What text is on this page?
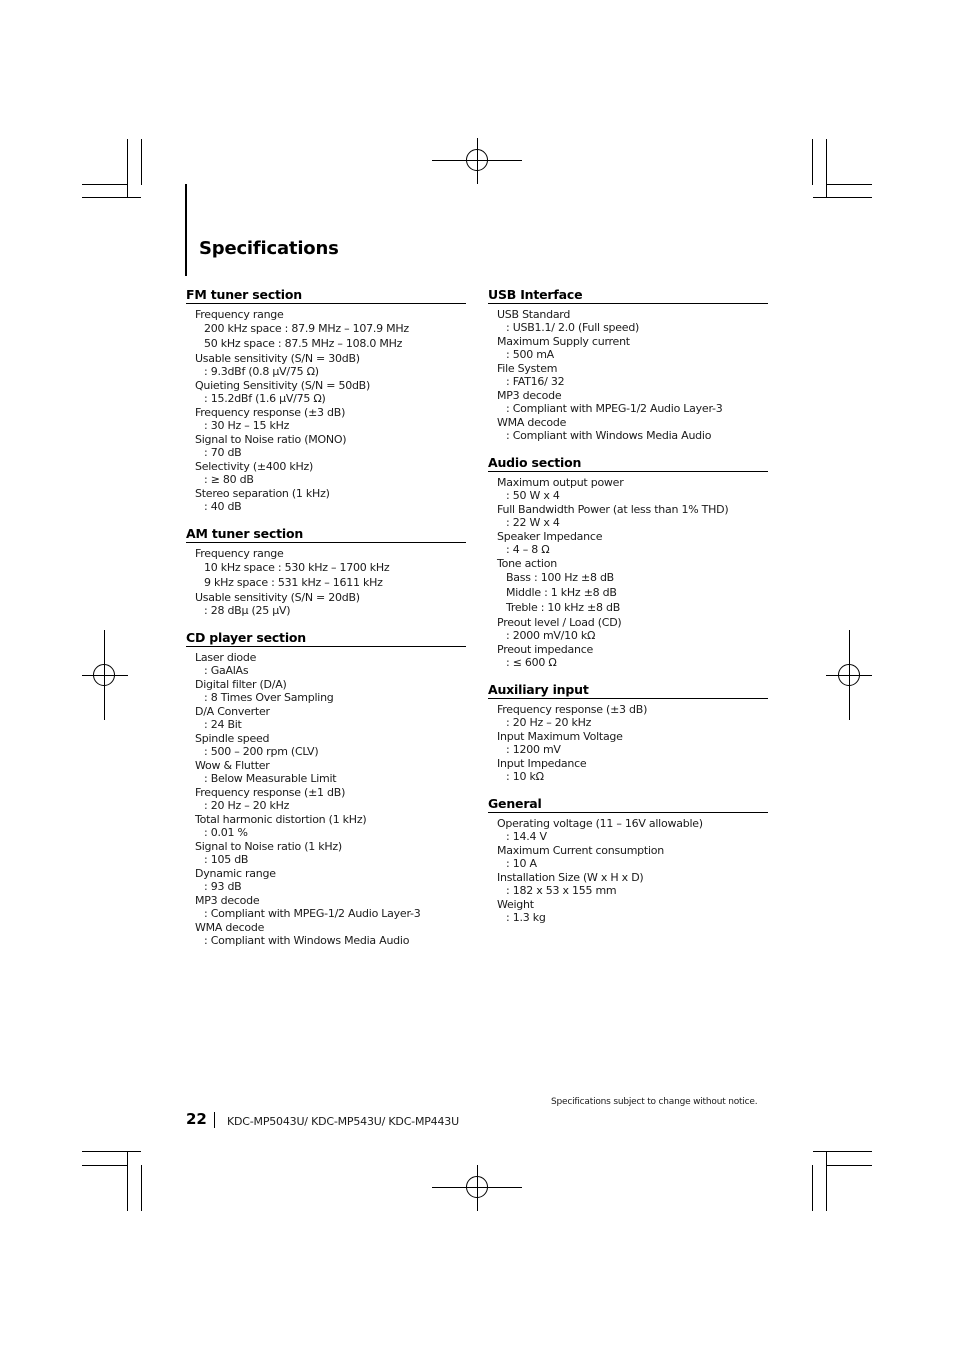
Specifications
FM tuner section
Frequency range
200 kHz space : 87.9 MHz – 107.9 MHz
50 kHz space : 87.5 MHz – 108.0 MHz
Usable sensitivity (S/N = 30dB)
: 9.3dBf (0.8 μV/75 Ω)
Quieting Sensitivity (S/N = 50dB)
: 15.2dBf (1.6 μV/75 Ω)
Frequency response (±3 dB)
: 30 Hz – 15 kHz
Signal to Noise ratio (MONO)
: 70 dB
Selectivity (±400 kHz)
: ≥ 80 dB
Stereo separation (1 kHz)
: 40 dB
AM tuner section
Frequency range
10 kHz space : 530 kHz – 1700 kHz
9 kHz space : 531 kHz – 1611 kHz
Usable sensitivity (S/N = 20dB)
: 28 dBμ (25 μV)
CD player section
Laser diode
: GaAlAs
Digital filter (D/A)
: 8 Times Over Sampling
D/A Converter
: 24 Bit
Spindle speed
: 500 – 200 rpm (CLV)
Wow & Flutter
: Below Measurable Limit
Frequency response (±1 dB)
: 20 Hz – 20 kHz
Total harmonic distortion (1 kHz)
: 0.01 %
Signal to Noise ratio (1 kHz)
: 105 dB
Dynamic range
: 93 dB
MP3 decode
: Compliant with MPEG-1/2 Audio Layer-3
WMA decode
: Compliant with Windows Media Audio
USB Interface
USB Standard
: USB1.1/ 2.0 (Full speed)
Maximum Supply current
: 500 mA
File System
: FAT16/ 32
MP3 decode
: Compliant with MPEG-1/2 Audio Layer-3
WMA decode
: Compliant with Windows Media Audio
Audio section
Maximum output power
: 50 W x 4
Full Bandwidth Power (at less than 1% THD)
: 22 W x 4
Speaker Impedance
: 4 – 8 Ω
Tone action
Bass : 100 Hz ±8 dB
Middle : 1 kHz ±8 dB
Treble : 10 kHz ±8 dB
Preout level / Load (CD)
: 2000 mV/10 kΩ
Preout impedance
: ≤ 600 Ω
Auxiliary input
Frequency response (±3 dB)
: 20 Hz – 20 kHz
Input Maximum Voltage
: 1200 mV
Input Impedance
: 10 kΩ
General
Operating voltage (11 – 16V allowable)
: 14.4 V
Maximum Current consumption
: 10 A
Installation Size (W x H x D)
: 182 x 53 x 155 mm
Weight
: 1.3 kg
Specifications subject to change without notice.
22 KDC-MP5043U/ KDC-MP543U/ KDC-MP443U
